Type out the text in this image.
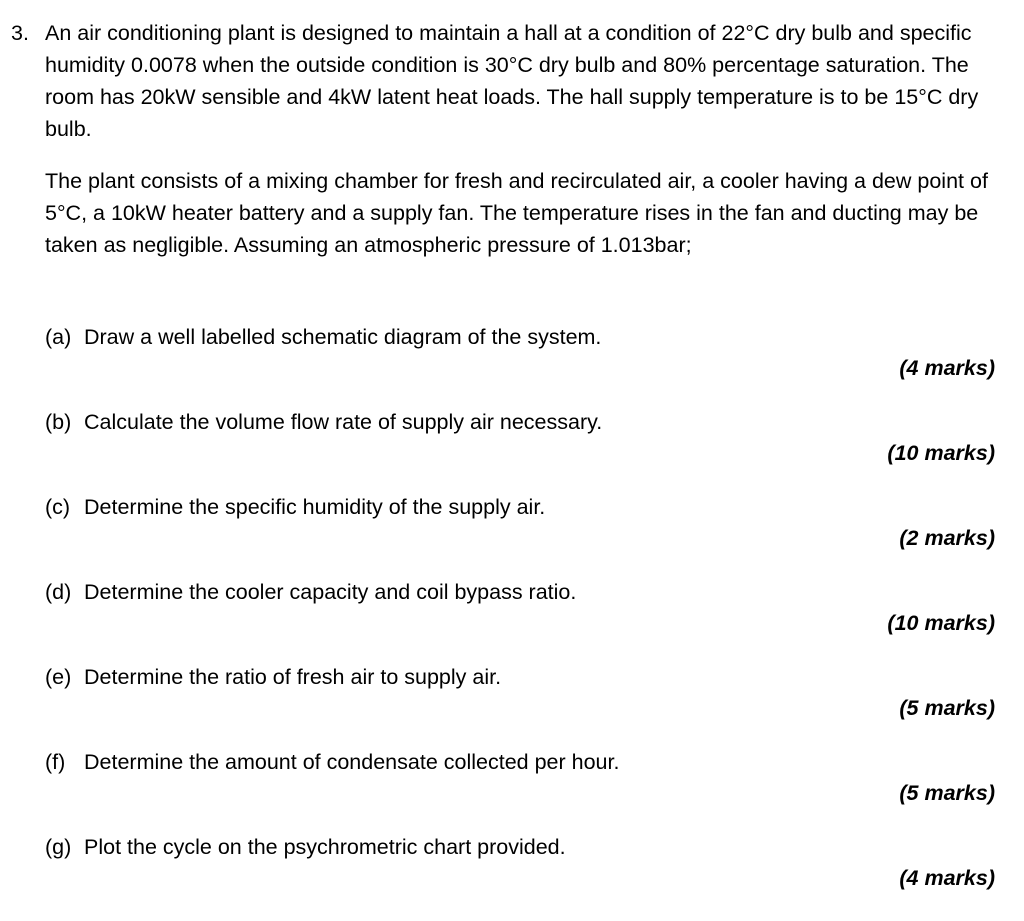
3. An air conditioning plant is designed to maintain a hall at a condition of 22°C dry bulb and specific humidity 0.0078 when the outside condition is 30°C dry bulb and 80% percentage saturation. The room has 20kW sensible and 4kW latent heat loads. The hall supply temperature is to be 15°C dry bulb.

The plant consists of a mixing chamber for fresh and recirculated air, a cooler having a dew point of 5°C, a 10kW heater battery and a supply fan. The temperature rises in the fan and ducting may be taken as negligible. Assuming an atmospheric pressure of 1.013bar;

(a) Draw a well labelled schematic diagram of the system.
(4 marks)
(b) Calculate the volume flow rate of supply air necessary.
(10 marks)
(c) Determine the specific humidity of the supply air.
(2 marks)
(d) Determine the cooler capacity and coil bypass ratio.
(10 marks)
(e) Determine the ratio of fresh air to supply air.
(5 marks)
(f) Determine the amount of condensate collected per hour.
(5 marks)
(g) Plot the cycle on the psychrometric chart provided.
(4 marks)
